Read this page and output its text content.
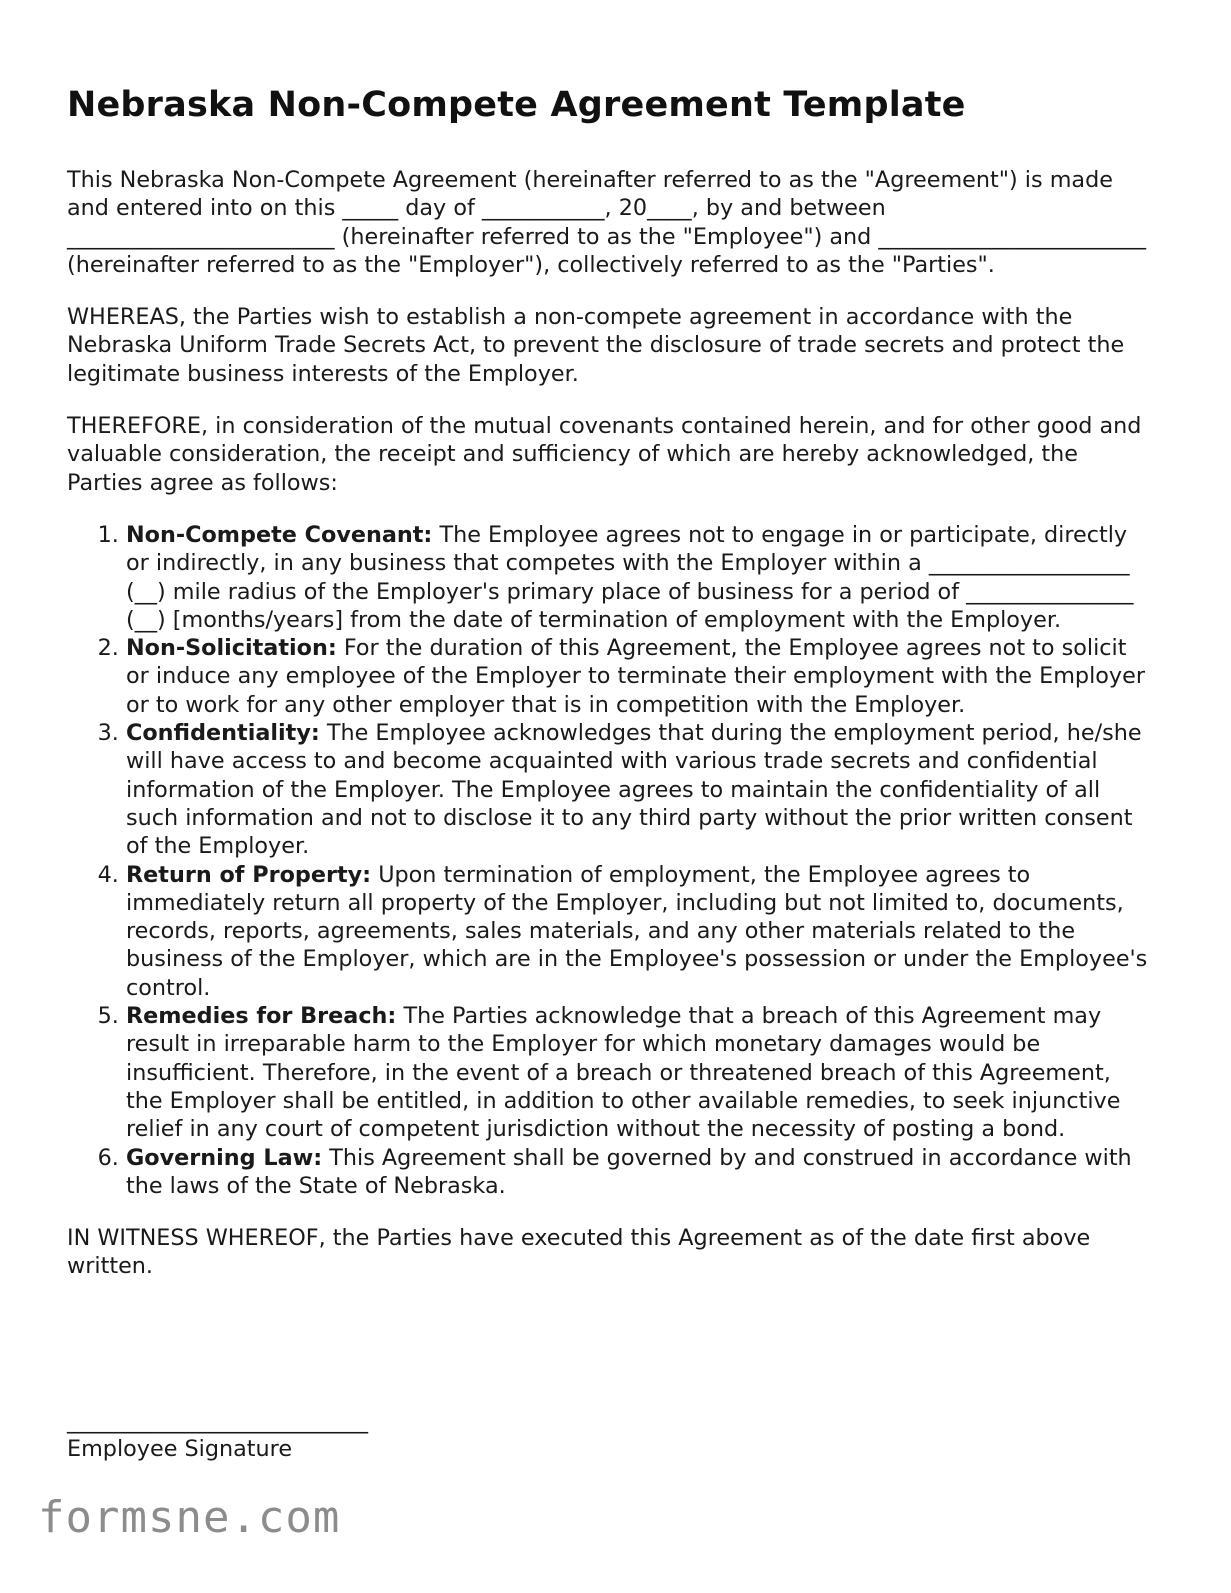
Nebraska Non-Compete Agreement Template

This Nebraska Non-Compete Agreement (hereinafter referred to as the "Agreement") is made and entered into on this _____ day of ___________, 20____, by and between ________________________ (hereinafter referred to as the "Employee") and ________________________ (hereinafter referred to as the "Employer"), collectively referred to as the "Parties".

WHEREAS, the Parties wish to establish a non-compete agreement in accordance with the Nebraska Uniform Trade Secrets Act, to prevent the disclosure of trade secrets and protect the legitimate business interests of the Employer.

THEREFORE, in consideration of the mutual covenants contained herein, and for other good and valuable consideration, the receipt and sufficiency of which are hereby acknowledged, the Parties agree as follows:

1. Non-Compete Covenant: The Employee agrees not to engage in or participate, directly or indirectly, in any business that competes with the Employer within a __________________ (__) mile radius of the Employer's primary place of business for a period of _______________ (__) [months/years] from the date of termination of employment with the Employer.
2. Non-Solicitation: For the duration of this Agreement, the Employee agrees not to solicit or induce any employee of the Employer to terminate their employment with the Employer or to work for any other employer that is in competition with the Employer.
3. Confidentiality: The Employee acknowledges that during the employment period, he/she will have access to and become acquainted with various trade secrets and confidential information of the Employer. The Employee agrees to maintain the confidentiality of all such information and not to disclose it to any third party without the prior written consent of the Employer.
4. Return of Property: Upon termination of employment, the Employee agrees to immediately return all property of the Employer, including but not limited to, documents, records, reports, agreements, sales materials, and any other materials related to the business of the Employer, which are in the Employee's possession or under the Employee's control.
5. Remedies for Breach: The Parties acknowledge that a breach of this Agreement may result in irreparable harm to the Employer for which monetary damages would be insufficient. Therefore, in the event of a breach or threatened breach of this Agreement, the Employer shall be entitled, in addition to other available remedies, to seek injunctive relief in any court of competent jurisdiction without the necessity of posting a bond.
6. Governing Law: This Agreement shall be governed by and construed in accordance with the laws of the State of Nebraska.

IN WITNESS WHEREOF, the Parties have executed this Agreement as of the date first above written.

___________________________
Employee Signature
formsne.com
